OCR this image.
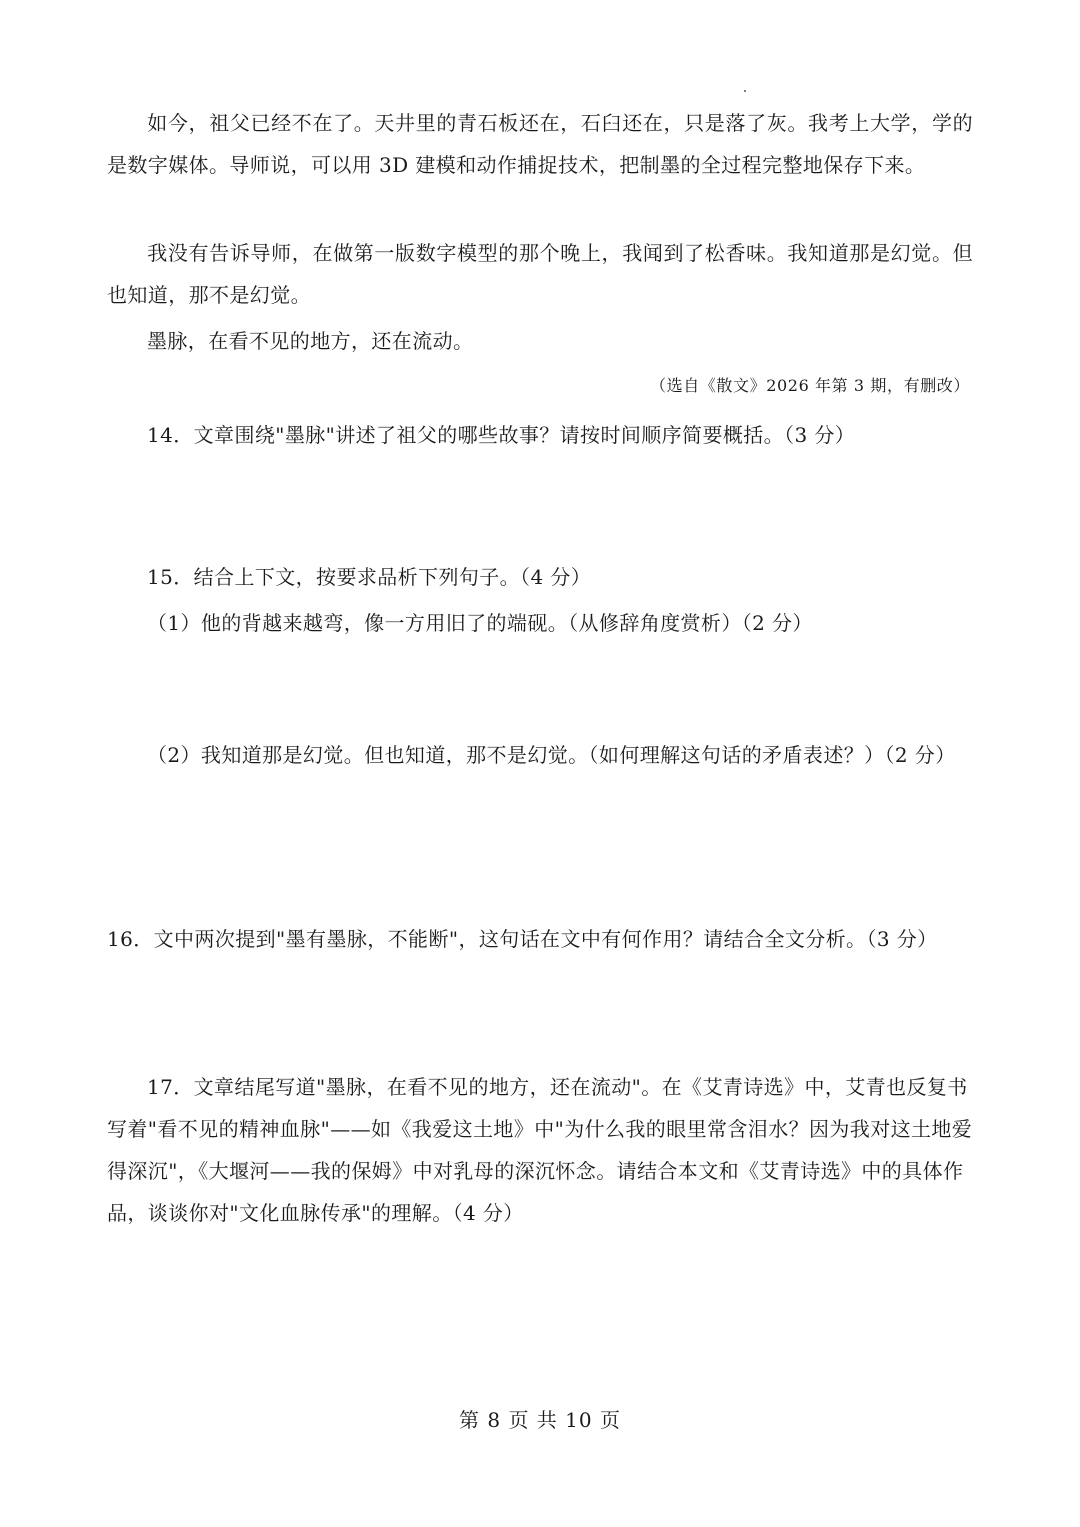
如今，祖父已经不在了。天井里的青石板还在，石臼还在，只是落了灰。我考上大学，学的是数字媒体。导师说，可以用 3D 建模和动作捕捉技术，把制墨的全过程完整地保存下来。
我没有告诉导师，在做第一版数字模型的那个晚上，我闻到了松香味。我知道那是幻觉。但也知道，那不是幻觉。
墨脉，在看不见的地方，还在流动。
（选自《散文》2026 年第 3 期，有删改）
14．文章围绕"墨脉"讲述了祖父的哪些故事？请按时间顺序简要概括。（3 分）
15．结合上下文，按要求品析下列句子。（4 分）
（1）他的背越来越弯，像一方用旧了的端砚。（从修辞角度赏析）（2 分）
（2）我知道那是幻觉。但也知道，那不是幻觉。（如何理解这句话的矛盾表述？）（2 分）
16．文中两次提到"墨有墨脉，不能断"，这句话在文中有何作用？请结合全文分析。（3 分）
17．文章结尾写道"墨脉，在看不见的地方，还在流动"。在《艾青诗选》中，艾青也反复书写着"看不见的精神血脉"——如《我爱这土地》中"为什么我的眼里常含泪水？因为我对这土地爱得深沉"，《大堰河——我的保姆》中对乳母的深沉怀念。请结合本文和《艾青诗选》中的具体作品，谈谈你对"文化血脉传承"的理解。（4 分）
第 8 页 共 10 页
